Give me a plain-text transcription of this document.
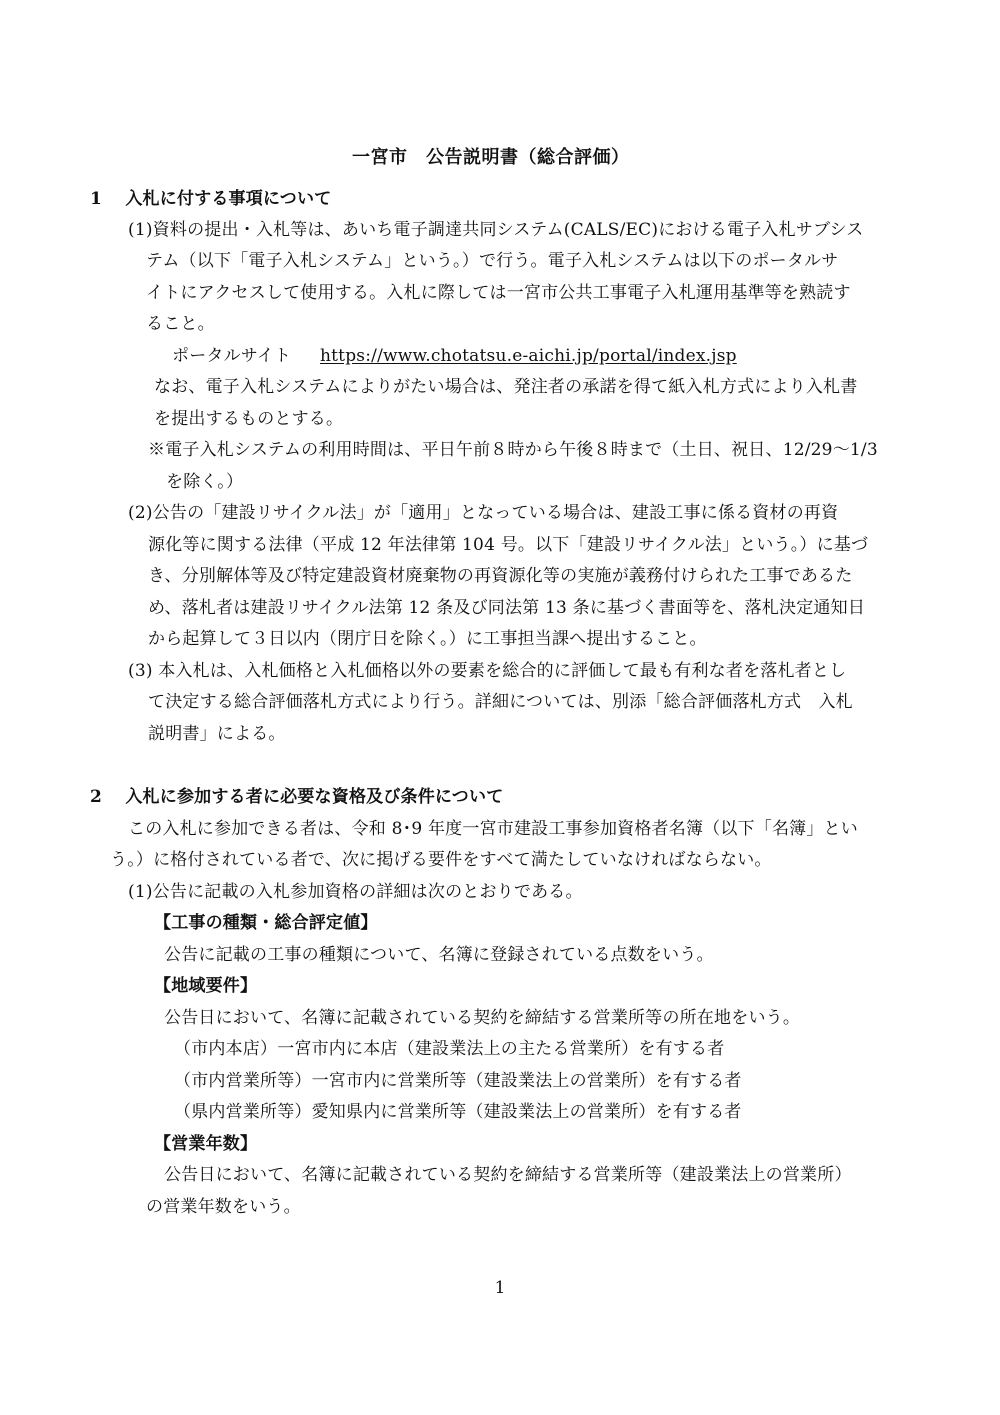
一宮市　公告説明書（総合評価）
1　 入札に付する事項について
(1)資料の提出・入札等は、あいち電子調達共同システム(CALS/EC)における電子入札サブシス
テム（以下「電子入札システム」という。）で行う。電子入札システムは以下のポータルサ
イトにアクセスして使用する。入札に際しては一宮市公共工事電子入札運用基準等を熟読す
ること。
ポータルサイト https://www.chotatsu.e-aichi.jp/portal/index.jsp
なお、電子入札システムによりがたい場合は、発注者の承諾を得て紙入札方式により入札書
を提出するものとする。
※電子入札システムの利用時間は、平日午前８時から午後８時まで（土日、祝日、12/29～1/3
を除く。）
(2)公告の「建設リサイクル法」が「適用」となっている場合は、建設工事に係る資材の再資
源化等に関する法律（平成 12 年法律第 104 号。以下「建設リサイクル法」という。）に基づ
き、分別解体等及び特定建設資材廃棄物の再資源化等の実施が義務付けられた工事であるた
め、落札者は建設リサイクル法第 12 条及び同法第 13 条に基づく書面等を、落札決定通知日
から起算して３日以内（閉庁日を除く。）に工事担当課へ提出すること。
(3) 本入札は、入札価格と入札価格以外の要素を総合的に評価して最も有利な者を落札者とし
て決定する総合評価落札方式により行う。詳細については、別添「総合評価落札方式　入札
説明書」による。
2　 入札に参加する者に必要な資格及び条件について
この入札に参加できる者は、令和 8･9 年度一宮市建設工事参加資格者名簿（以下「名簿」とい
う。）に格付されている者で、次に掲げる要件をすべて満たしていなければならない。
(1)公告に記載の入札参加資格の詳細は次のとおりである。
【工事の種類・総合評定値】
公告に記載の工事の種類について、名簿に登録されている点数をいう。
【地域要件】
公告日において、名簿に記載されている契約を締結する営業所等の所在地をいう。
（市内本店）一宮市内に本店（建設業法上の主たる営業所）を有する者
（市内営業所等）一宮市内に営業所等（建設業法上の営業所）を有する者
（県内営業所等）愛知県内に営業所等（建設業法上の営業所）を有する者
【営業年数】
公告日において、名簿に記載されている契約を締結する営業所等（建設業法上の営業所）
の営業年数をいう。
1
